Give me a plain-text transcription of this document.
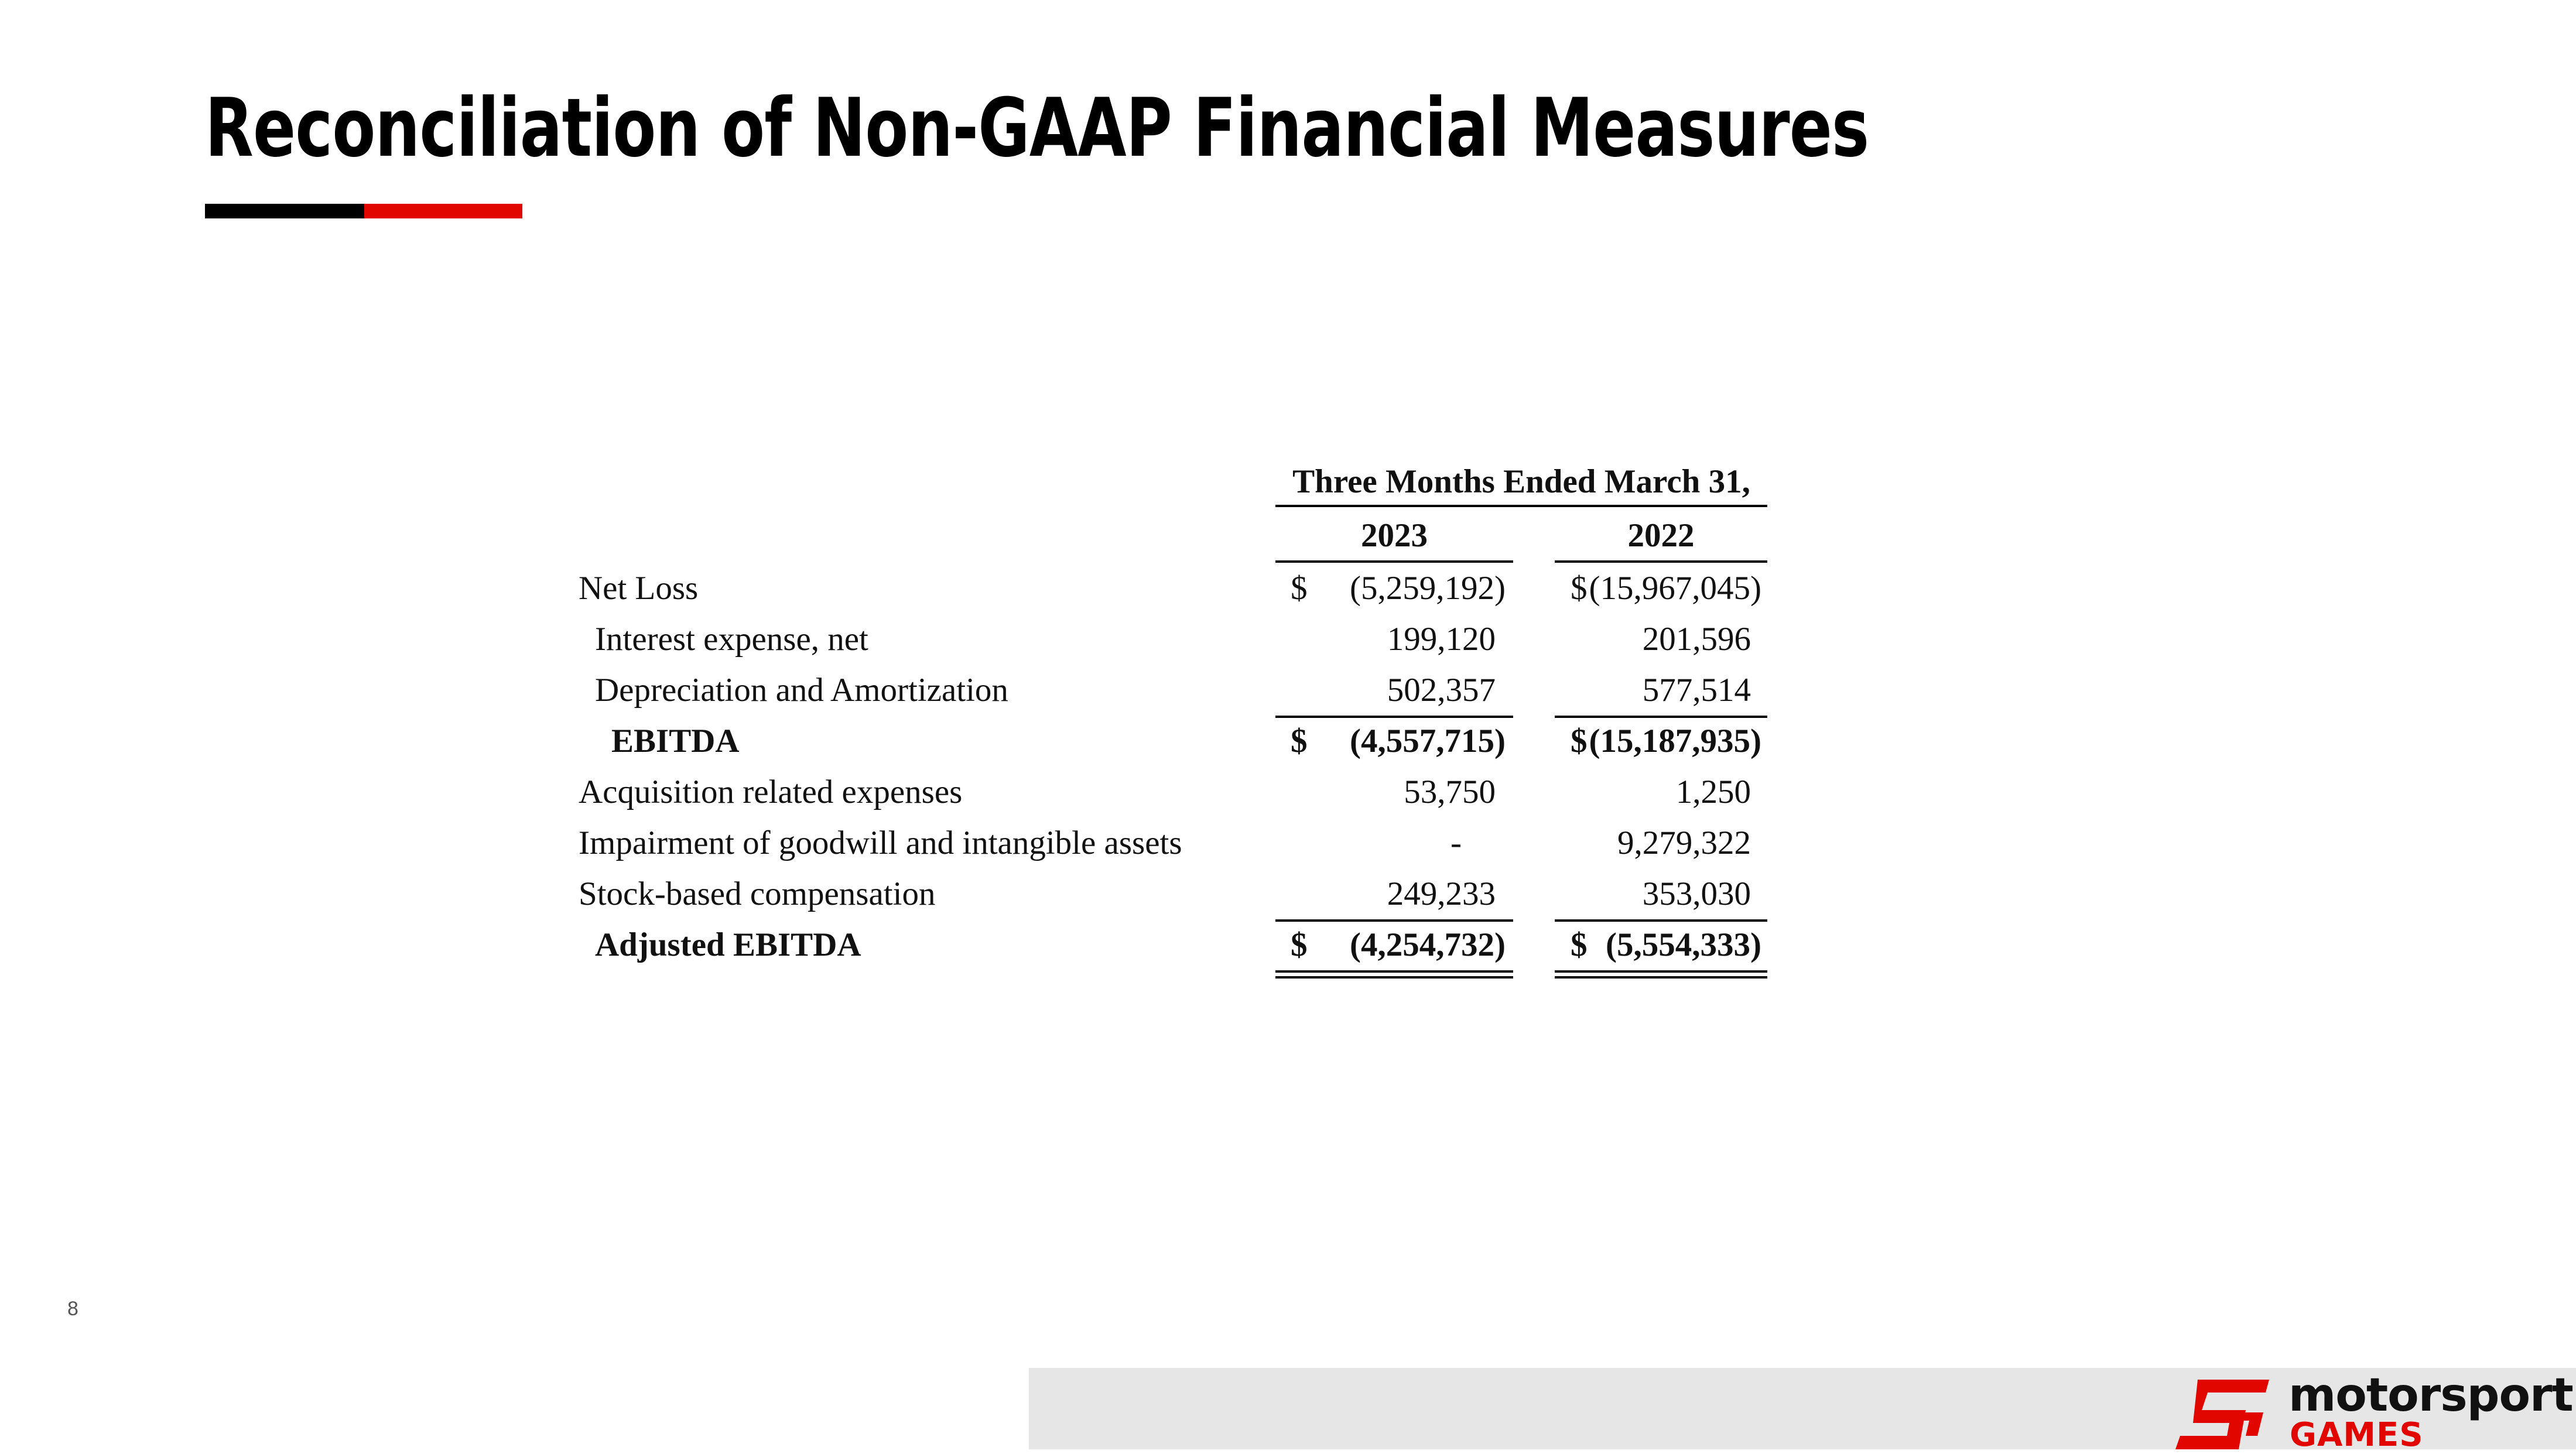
Reconciliation of Non-GAAP Financial Measures
Three Months Ended March 31,
2023	2022
Net Loss	$ (5,259,192) $ (15,967,045)
Interest expense, net	199,120	201,596
Depreciation and Amortization	502,357	577,514
EBITDA	$ (4,557,715) $ (15,187,935)
Acquisition related expenses	53,750	1,250
Impairment of goodwill and intangible assets	-	9,279,322
Stock-based compensation	249,233	353,030
Adjusted EBITDA	$ (4,254,732) $ (5,554,333)
8
motorsport
GAMES
